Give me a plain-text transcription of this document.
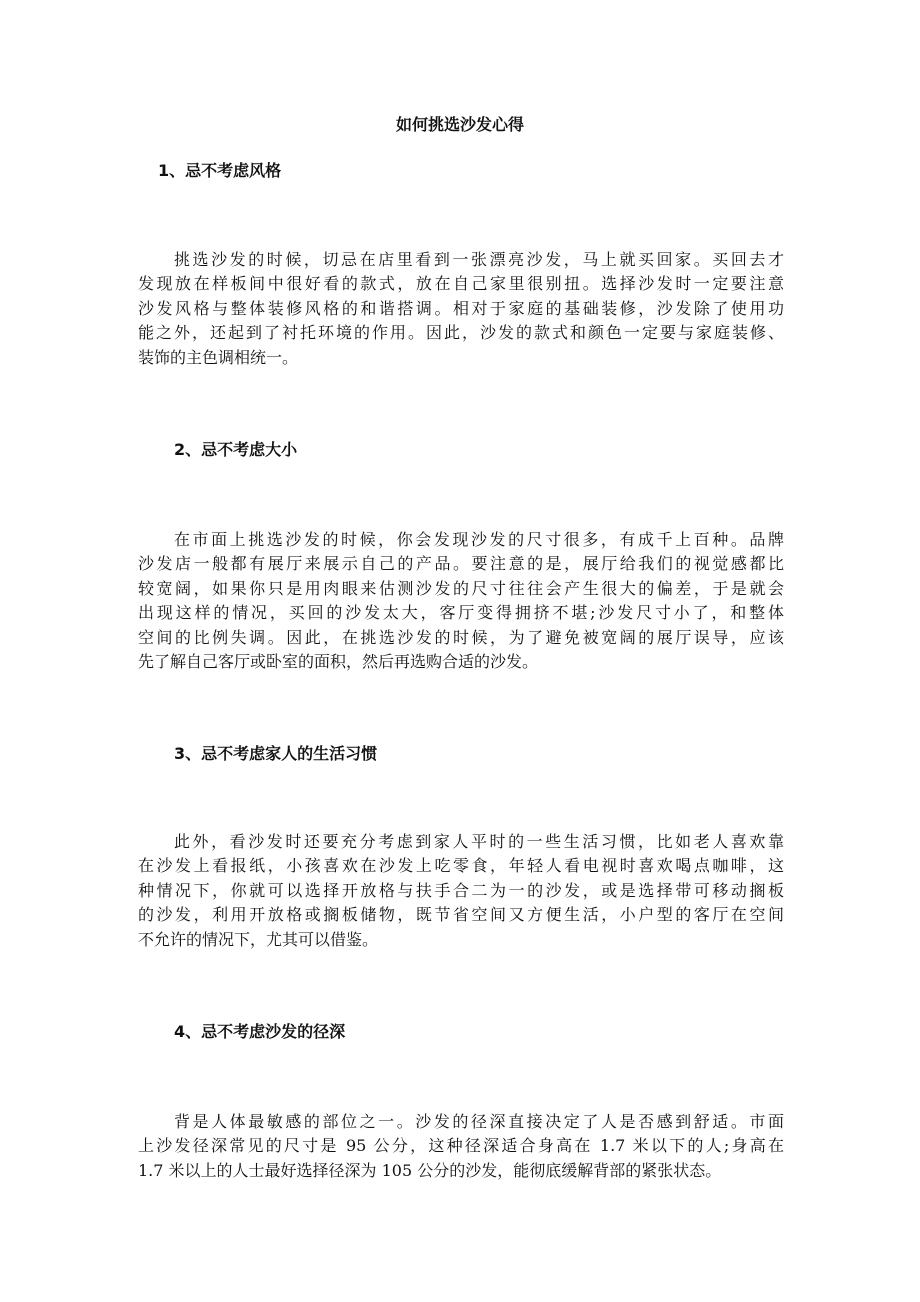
如何挑选沙发心得
1、忌不考虑风格
挑选沙发的时候，切忌在店里看到一张漂亮沙发，马上就买回家。买回去才
发现放在样板间中很好看的款式，放在自己家里很别扭。选择沙发时一定要注意
沙发风格与整体装修风格的和谐搭调。相对于家庭的基础装修，沙发除了使用功
能之外，还起到了衬托环境的作用。因此，沙发的款式和颜色一定要与家庭装修、
装饰的主色调相统一。
2、忌不考虑大小
在市面上挑选沙发的时候，你会发现沙发的尺寸很多，有成千上百种。品牌
沙发店一般都有展厅来展示自己的产品。要注意的是，展厅给我们的视觉感都比
较宽阔，如果你只是用肉眼来估测沙发的尺寸往往会产生很大的偏差，于是就会
出现这样的情况，买回的沙发太大，客厅变得拥挤不堪;沙发尺寸小了，和整体
空间的比例失调。因此，在挑选沙发的时候，为了避免被宽阔的展厅误导，应该
先了解自己客厅或卧室的面积，然后再选购合适的沙发。
3、忌不考虑家人的生活习惯
此外，看沙发时还要充分考虑到家人平时的一些生活习惯，比如老人喜欢靠
在沙发上看报纸，小孩喜欢在沙发上吃零食，年轻人看电视时喜欢喝点咖啡，这
种情况下，你就可以选择开放格与扶手合二为一的沙发，或是选择带可移动搁板
的沙发，利用开放格或搁板储物，既节省空间又方便生活，小户型的客厅在空间
不允许的情况下，尤其可以借鉴。
4、忌不考虑沙发的径深
背是人体最敏感的部位之一。沙发的径深直接决定了人是否感到舒适。市面
上沙发径深常见的尺寸是 95 公分，这种径深适合身高在 1.7 米以下的人;身高在
1.7 米以上的人士最好选择径深为 105 公分的沙发，能彻底缓解背部的紧张状态。
